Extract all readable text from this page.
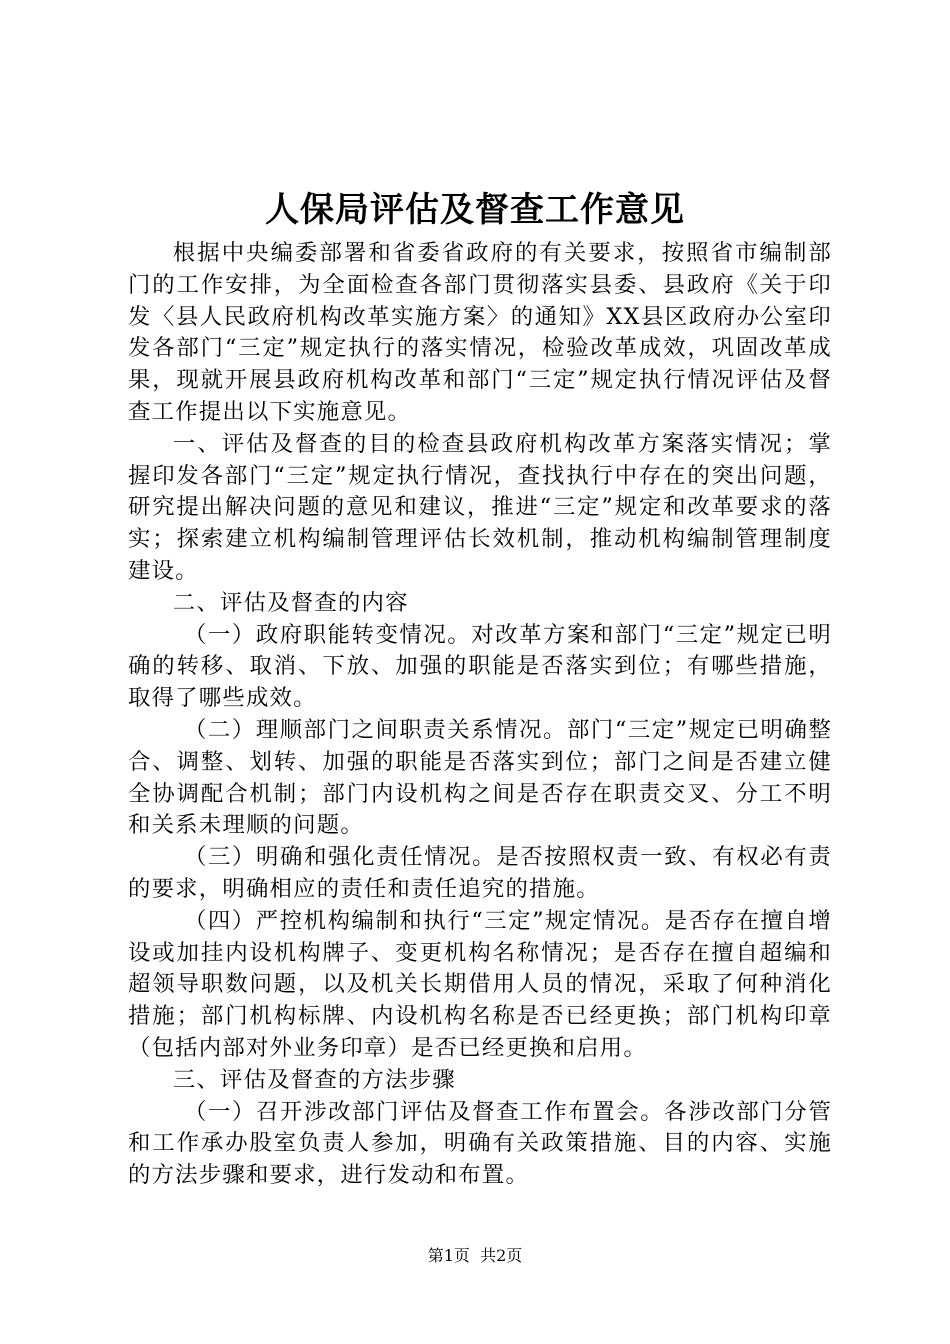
人保局评估及督查工作意见

根据中央编委部署和省委省政府的有关要求，按照省市编制部门的工作安排，为全面检查各部门贯彻落实县委、县政府《关于印发〈县人民政府机构改革实施方案〉的通知》XX县区政府办公室印发各部门“三定”规定执行的落实情况，检验改革成效，巩固改革成果，现就开展县政府机构改革和部门“三定”规定执行情况评估及督查工作提出以下实施意见。

一、评估及督查的目的检查县政府机构改革方案落实情况；掌握印发各部门“三定”规定执行情况，查找执行中存在的突出问题，研究提出解决问题的意见和建议，推进“三定”规定和改革要求的落实；探索建立机构编制管理评估长效机制，推动机构编制管理制度建设。

二、评估及督查的内容

（一）政府职能转变情况。对改革方案和部门“三定”规定已明确的转移、取消、下放、加强的职能是否落实到位；有哪些措施，取得了哪些成效。

（二）理顺部门之间职责关系情况。部门“三定”规定已明确整合、调整、划转、加强的职能是否落实到位；部门之间是否建立健全协调配合机制；部门内设机构之间是否存在职责交叉、分工不明和关系未理顺的问题。

（三）明确和强化责任情况。是否按照权责一致、有权必有责的要求，明确相应的责任和责任追究的措施。

（四）严控机构编制和执行“三定”规定情况。是否存在擅自增设或加挂内设机构牌子、变更机构名称情况；是否存在擅自超编和超领导职数问题，以及机关长期借用人员的情况，采取了何种消化措施；部门机构标牌、内设机构名称是否已经更换；部门机构印章（包括内部对外业务印章）是否已经更换和启用。

三、评估及督查的方法步骤

（一）召开涉改部门评估及督查工作布置会。各涉改部门分管和工作承办股室负责人参加，明确有关政策措施、目的内容、实施的方法步骤和要求，进行发动和布置。

第1页 共2页
